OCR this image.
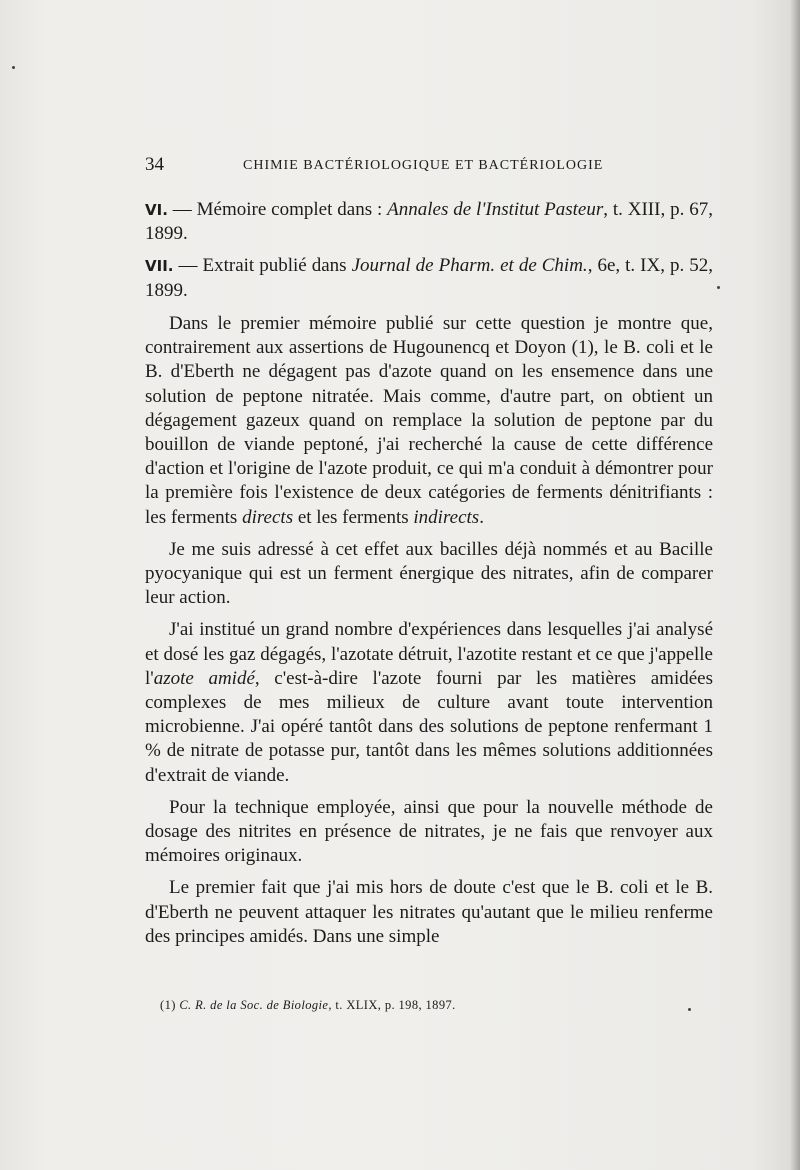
34	CHIMIE BACTÉRIOLOGIQUE ET BACTÉRIOLOGIE
VI. — Mémoire complet dans : Annales de l'Institut Pasteur, t. XIII, p. 67, 1899.
VII. — Extrait publié dans Journal de Pharm. et de Chim., 6e, t. IX, p. 52, 1899.

Dans le premier mémoire publié sur cette question je montre que, contrairement aux assertions de Hugounencq et Doyon (1), le B. coli et le B. d'Eberth ne dégagent pas d'azote quand on les ensemence dans une solution de peptone nitratée. Mais comme, d'autre part, on obtient un dégagement gazeux quand on remplace la solution de peptone par du bouillon de viande peptoné, j'ai recherché la cause de cette différence d'action et l'origine de l'azote produit, ce qui m'a conduit à démontrer pour la première fois l'existence de deux catégories de ferments dénitrifiants : les ferments directs et les ferments indirects.

Je me suis adressé à cet effet aux bacilles déjà nommés et au Bacille pyocyanique qui est un ferment énergique des nitrates, afin de comparer leur action.

J'ai institué un grand nombre d'expériences dans lesquelles j'ai analysé et dosé les gaz dégagés, l'azotate détruit, l'azotite restant et ce que j'appelle l'azote amidé, c'est-à-dire l'azote fourni par les matières amidées complexes de mes milieux de culture avant toute intervention microbienne. J'ai opéré tantôt dans des solutions de peptone renfermant 1 % de nitrate de potasse pur, tantôt dans les mêmes solutions additionnées d'extrait de viande.

Pour la technique employée, ainsi que pour la nouvelle méthode de dosage des nitrites en présence de nitrates, je ne fais que renvoyer aux mémoires originaux.

Le premier fait que j'ai mis hors de doute c'est que le B. coli et le B. d'Eberth ne peuvent attaquer les nitrates qu'autant que le milieu renferme des principes amidés. Dans une simple

(1) C. R. de la Soc. de Biologie, t. XLIX, p. 198, 1897.
